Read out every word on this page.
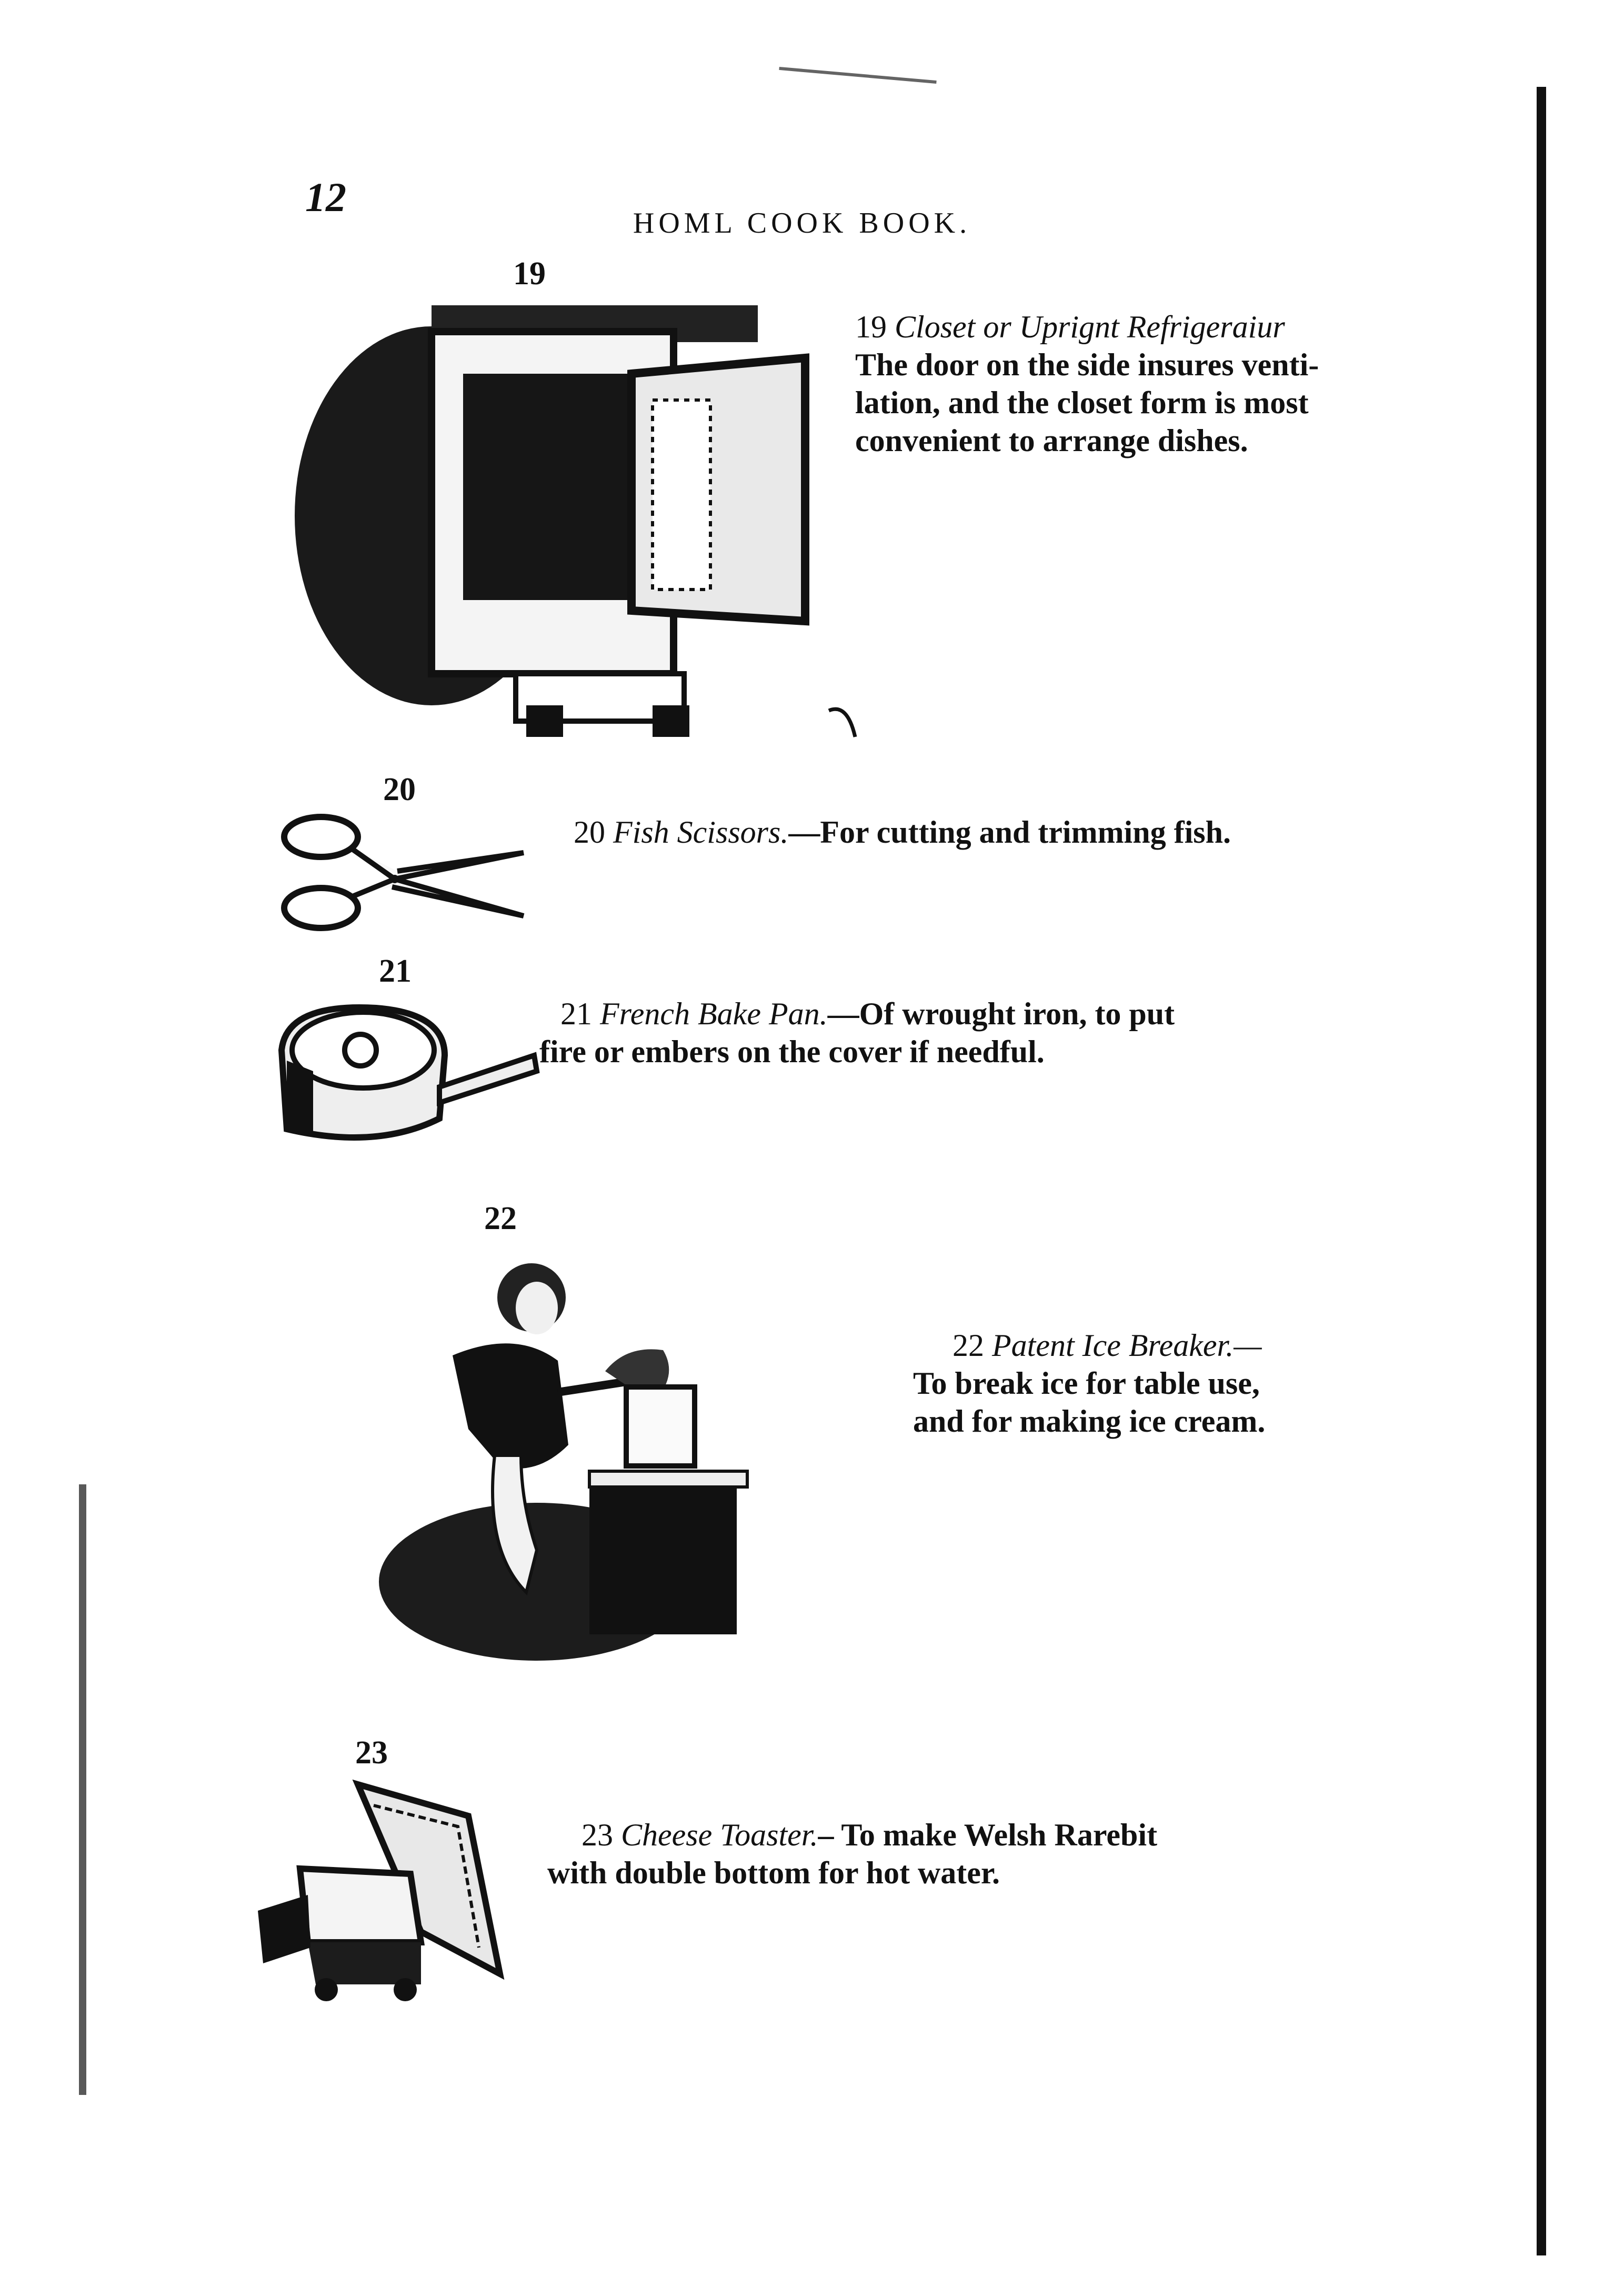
12
HOML COOK BOOK.
19
19 Closet or Uprignt Refrigeraiur
The door on the side insures venti-
lation, and the closet form is most
convenient to arrange dishes.
20
20 Fish Scissors.—For cutting and trimming fish.
21
21 French Bake Pan.—Of wrought iron, to put
fire or embers on the cover if needful.
22
22 Patent Ice Breaker.—
To break ice for table use,
and for making ice cream.
23
23 Cheese Toaster.– To make Welsh Rarebit
with double bottom for hot water.
